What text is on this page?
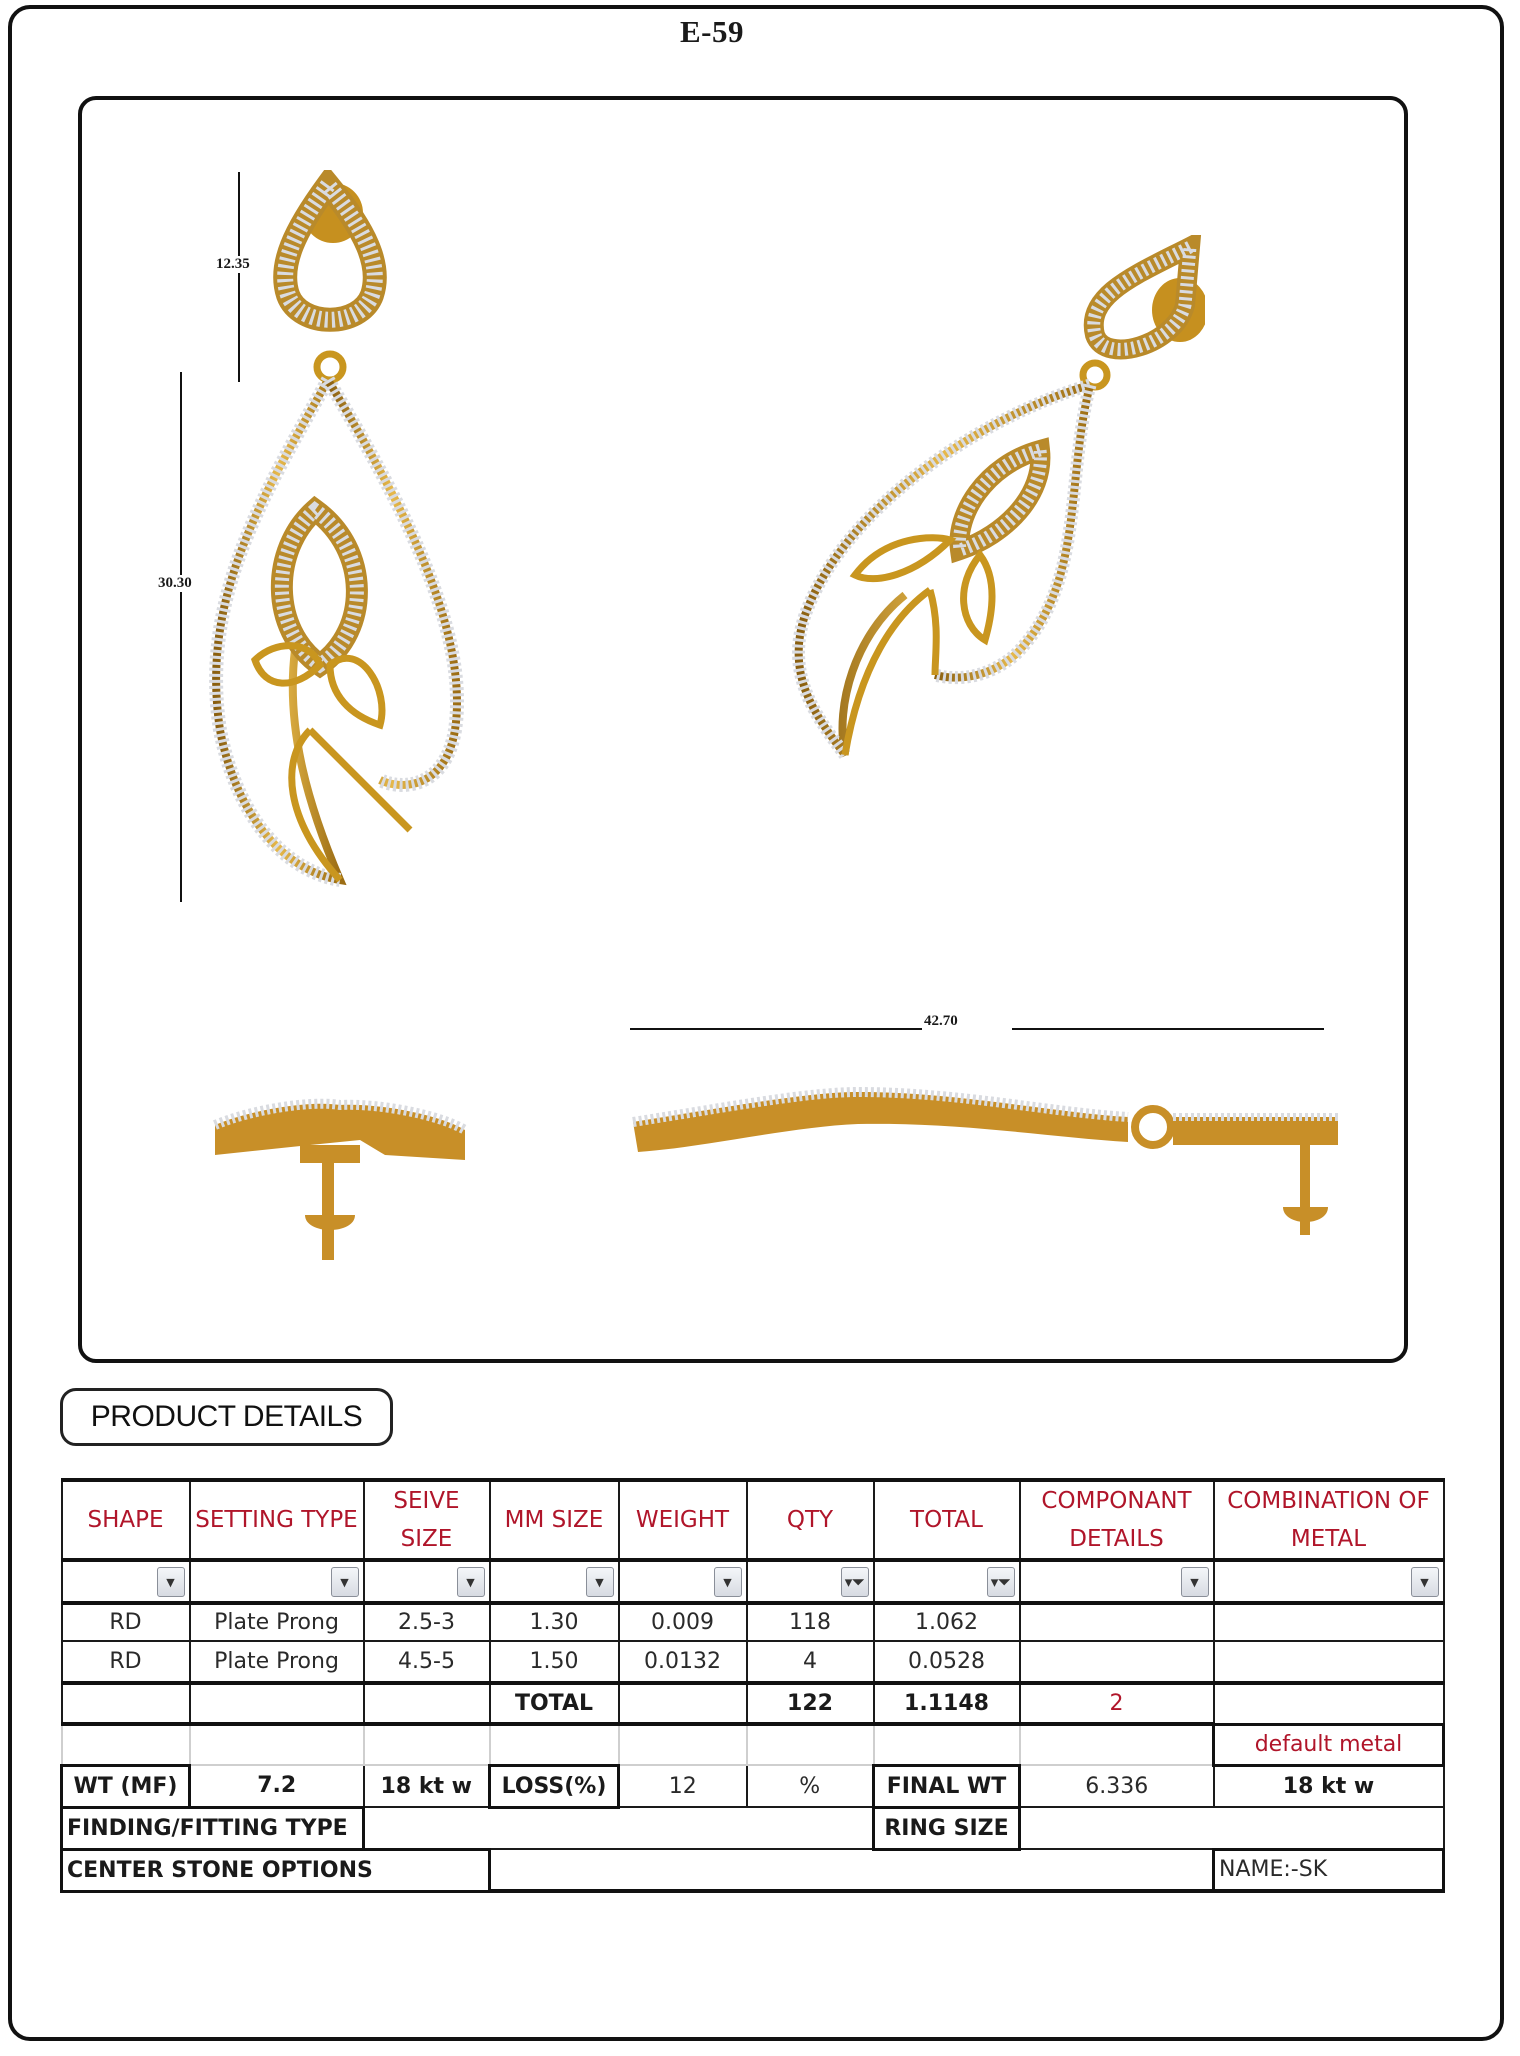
E-59
12.35
30.30
42.70
PRODUCT DETAILS
SHAPE	SETTING TYPE	SEIVE SIZE	MM SIZE	WEIGHT	QTY	TOTAL	COMPONANT DETAILS	COMBINATION OF METAL

▼	▼	▼	▼	▼	▾⏷	▾⏷	▼	▼

RD	Plate Prong	2.5-3	1.30	0.009	118	1.062		
RD	Plate Prong	4.5-5	1.50	0.0132	4	0.0528		
			TOTAL		122	1.1148	2	
								default metal
WT (MF)	7.2	18 kt w	LOSS(%)	12	%	FINAL WT	6.336	18 kt w
FINDING/FITTING TYPE						RING SIZE		
CENTER STONE OPTIONS								NAME:-SK
